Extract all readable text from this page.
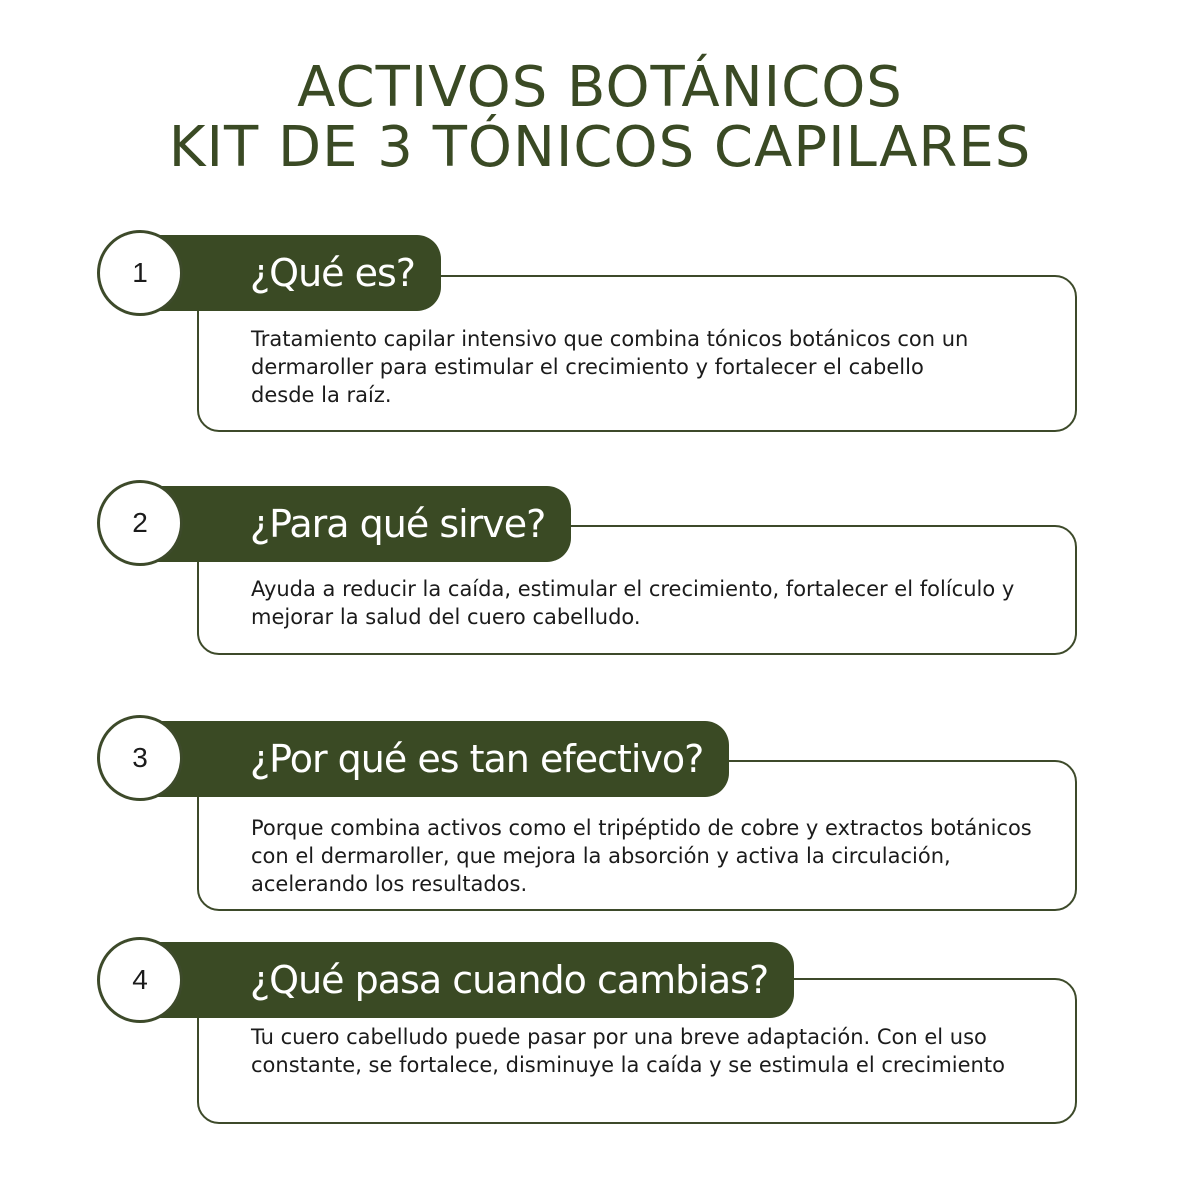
ACTIVOS BOTÁNICOS
KIT DE 3 TÓNICOS CAPILARES
¿Qué es?
1
Tratamiento capilar intensivo que combina tónicos botánicos con un dermaroller para estimular el crecimiento y fortalecer el cabello desde la raíz.
¿Para qué sirve?
2
Ayuda a reducir la caída, estimular el crecimiento, fortalecer el folículo y mejorar la salud del cuero cabelludo.
¿Por qué es tan efectivo?
3
Porque combina activos como el tripéptido de cobre y extractos botánicos con el dermaroller, que mejora la absorción y activa la circulación, acelerando los resultados.
¿Qué pasa cuando cambias?
4
Tu cuero cabelludo puede pasar por una breve adaptación. Con el uso constante, se fortalece, disminuye la caída y se estimula el crecimiento
